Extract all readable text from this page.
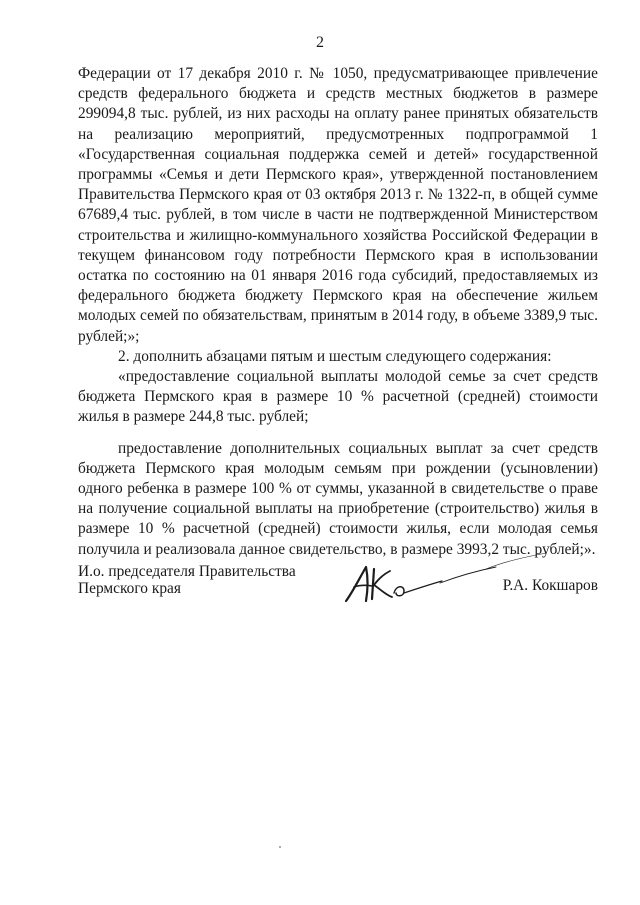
2

Федерации от 17 декабря 2010 г. № 1050, предусматривающее привлечение средств федерального бюджета и средств местных бюджетов в размере 299094,8 тыс. рублей, из них расходы на оплату ранее принятых обязательств на реализацию мероприятий, предусмотренных подпрограммой 1 «Государственная социальная поддержка семей и детей» государственной программы «Семья и дети Пермского края», утвержденной постановлением Правительства Пермского края от 03 октября 2013 г. № 1322-п, в общей сумме 67689,4 тыс. рублей, в том числе в части не подтвержденной Министерством строительства и жилищно-коммунального хозяйства Российской Федерации в текущем финансовом году потребности Пермского края в использовании остатка по состоянию на 01 января 2016 года субсидий, предоставляемых из федерального бюджета бюджету Пермского края на обеспечение жильем молодых семей по обязательствам, принятым в 2014 году, в объеме 3389,9 тыс. рублей;»;

2. дополнить абзацами пятым и шестым следующего содержания:

«предоставление социальной выплаты молодой семье за счет средств бюджета Пермского края в размере 10 % расчетной (средней) стоимости жилья в размере 244,8 тыс. рублей;

предоставление дополнительных социальных выплат за счет средств бюджета Пермского края молодым семьям при рождении (усыновлении) одного ребенка в размере 100 % от суммы, указанной в свидетельстве о праве на получение социальной выплаты на приобретение (строительство) жилья в размере 10 % расчетной (средней) стоимости жилья, если молодая семья получила и реализовала данное свидетельство, в размере 3993,2 тыс. рублей;».

И.о. председателя Правительства
Пермского края	Р.А. Кокшаров
